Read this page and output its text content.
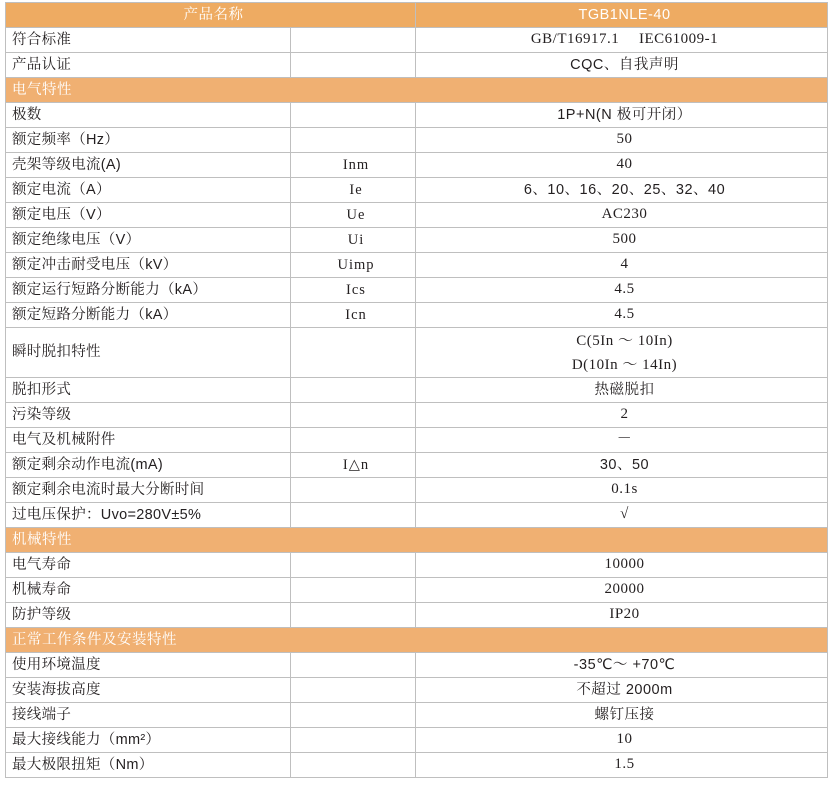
产品名称		TGB1NLE-40
符合标准		GB/T16917.1 　IEC61009-1
产品认证		CQC、自我声明
电气特性		
极数		1P+N(N 极可开闭）
额定频率（Hz）		50
壳架等级电流(A)	Inm	40
额定电流（A）	Ie	6、10、16、20、25、32、40
额定电压（V）	Ue	AC230
额定绝缘电压（V）	Ui	500
额定冲击耐受电压（kV）	Uimp	4
额定运行短路分断能力（kA）	Ics	4.5
额定短路分断能力（kA）	Icn	4.5
瞬时脱扣特性		C(5In ～ 10In)
D(10In ～ 14In)

脱扣形式		热磁脱扣
污染等级		2
电气及机械附件		－
额定剩余动作电流(mA)	I△n	30、50
额定剩余电流时最大分断时间		0.1s
过电压保护：Uvo=280V±5%		√
机械特性		
电气寿命		10000
机械寿命		20000
防护等级		IP20
正常工作条件及安装特性		
使用环境温度		-35℃～ +70℃
安装海拔高度		不超过 2000m
接线端子		螺钉压接
最大接线能力（mm²）		10
最大极限扭矩（Nm）		1.5
